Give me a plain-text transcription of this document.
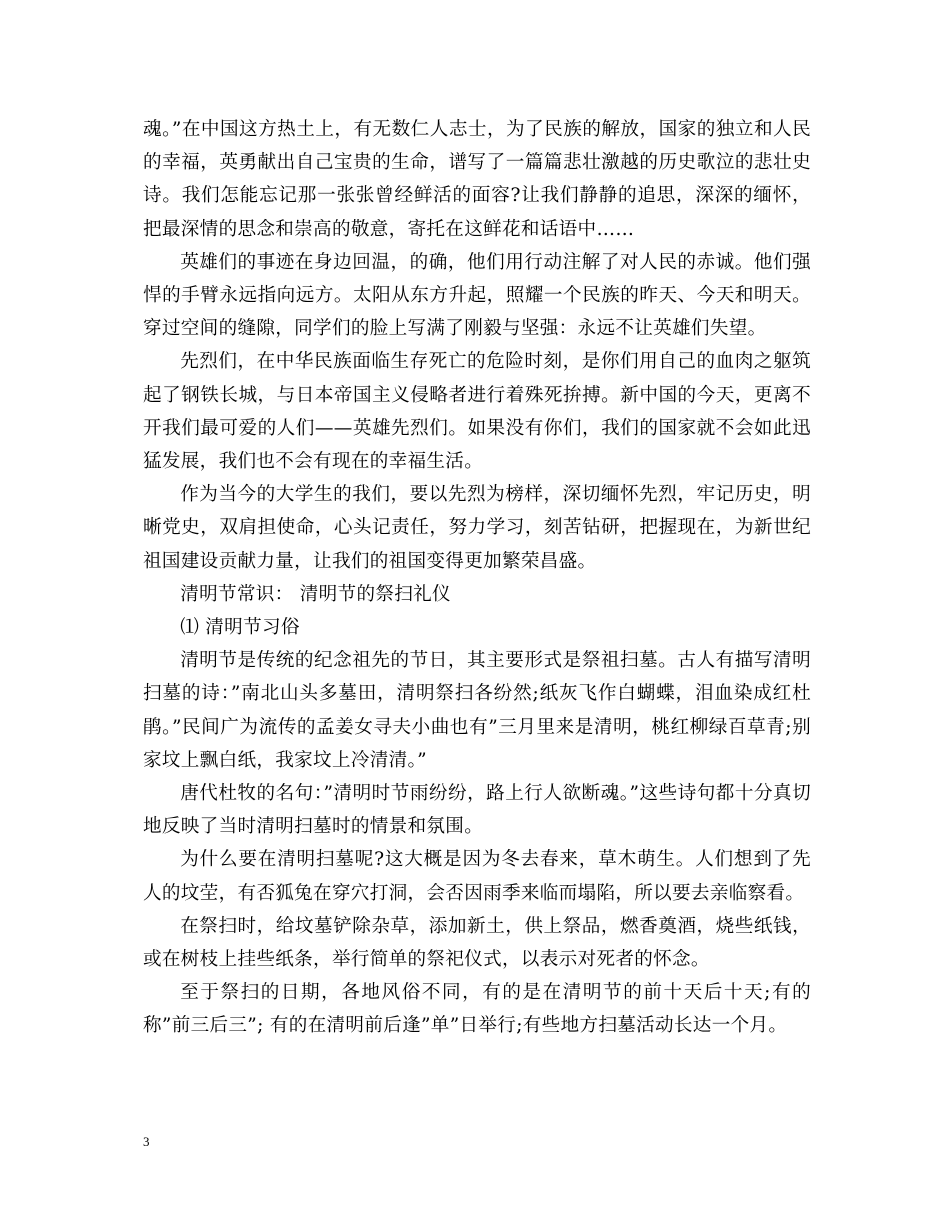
魂。”在中国这方热土上，有无数仁人志士，为了民族的解放，国家的独立和人民的幸福，英勇献出自己宝贵的生命，谱写了一篇篇悲壮激越的历史歌泣的悲壮史诗。我们怎能忘记那一张张曾经鲜活的面容?让我们静静的追思，深深的缅怀，把最深情的思念和崇高的敬意，寄托在这鲜花和话语中……

英雄们的事迹在身边回温，的确，他们用行动注解了对人民的赤诚。他们强悍的手臂永远指向远方。太阳从东方升起，照耀一个民族的昨天、今天和明天。穿过空间的缝隙，同学们的脸上写满了刚毅与坚强：永远不让英雄们失望。

先烈们，在中华民族面临生存死亡的危险时刻，是你们用自己的血肉之躯筑起了钢铁长城，与日本帝国主义侵略者进行着殊死拚搏。新中国的今天，更离不开我们最可爱的人们——英雄先烈们。如果没有你们，我们的国家就不会如此迅猛发展，我们也不会有现在的幸福生活。

作为当今的大学生的我们，要以先烈为榜样，深切缅怀先烈，牢记历史，明晰党史，双肩担使命，心头记责任，努力学习，刻苦钻研，把握现在，为新世纪祖国建设贡献力量，让我们的祖国变得更加繁荣昌盛。

清明节常识： 清明节的祭扫礼仪

⑴ 清明节习俗

清明节是传统的纪念祖先的节日，其主要形式是祭祖扫墓。古人有描写清明扫墓的诗：”南北山头多墓田，清明祭扫各纷然;纸灰飞作白蝴蝶，泪血染成红杜鹃。”民间广为流传的孟姜女寻夫小曲也有”三月里来是清明，桃红柳绿百草青;别家坟上飘白纸，我家坟上冷清清。”

唐代杜牧的名句：”清明时节雨纷纷，路上行人欲断魂。”这些诗句都十分真切地反映了当时清明扫墓时的情景和氛围。

为什么要在清明扫墓呢?这大概是因为冬去春来，草木萌生。人们想到了先人的坟茔，有否狐兔在穿穴打洞，会否因雨季来临而塌陷，所以要去亲临察看。

在祭扫时，给坟墓铲除杂草，添加新土，供上祭品，燃香奠酒，烧些纸钱，或在树枝上挂些纸条，举行简单的祭祀仪式，以表示对死者的怀念。

至于祭扫的日期，各地风俗不同，有的是在清明节的前十天后十天;有的称”前三后三”; 有的在清明前后逢”单”日举行;有些地方扫墓活动长达一个月。

3
